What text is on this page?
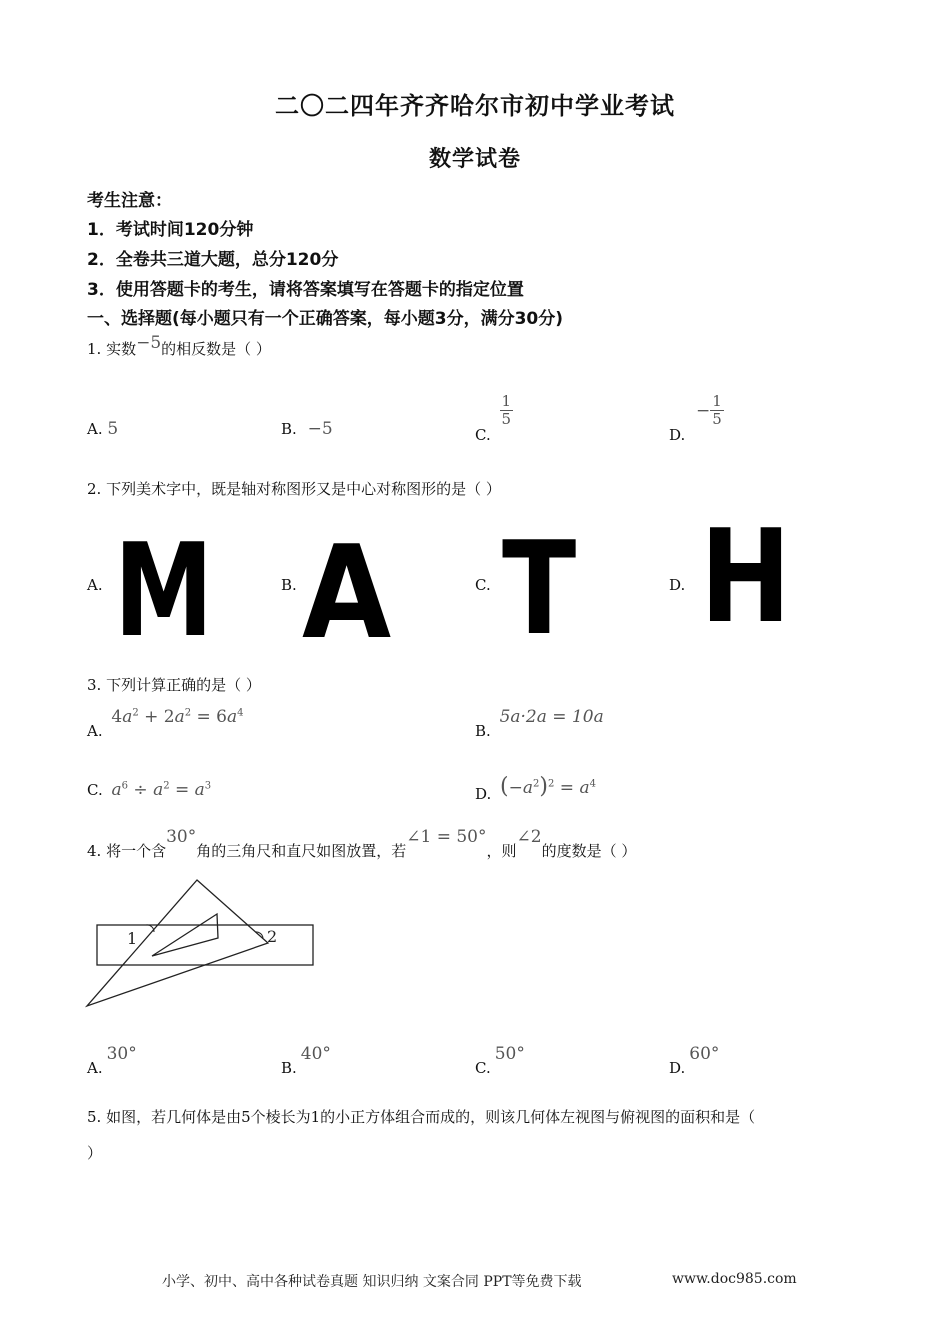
二〇二四年齐齐哈尔市初中学业考试
数学试卷
考生注意：
1．考试时间120分钟
2．全卷共三道大题，总分120分
3．使用答题卡的考生，请将答案填写在答题卡的指定位置
一、选择题(每小题只有一个正确答案，每小题3分，满分30分)
1. 实数−5的相反数是（ ）
A. 5	B. −5	C.
$\frac{1}{5}$
D. − $\frac{1}{5}$
2. 下列美术字中，既是轴对称图形又是中心对称图形的是（ ）
A. M	B. A	C. T	D. H
3. 下列计算正确的是（ ）
A. $4a^2 + 2a^2 = 6a^4$
B. 5a·2a = 10a
C. $a^6 \div a^2 = a^3$	D. $(-a^2)^2 = a^4$
4. 将一个含30°角的三角尺和直尺如图放置，若∠1 = 50°，则∠2的度数是（ ）
1	2
A.30°
B.40°
C.50°
D.60°
5. 如图，若几何体是由5个棱长为1的小正方体组合而成的，则该几何体左视图与俯视图的面积和是（
）
小学、初中、高中各种试卷真题 知识归纳 文案合同 PPT等免费下载	www.doc985.com
